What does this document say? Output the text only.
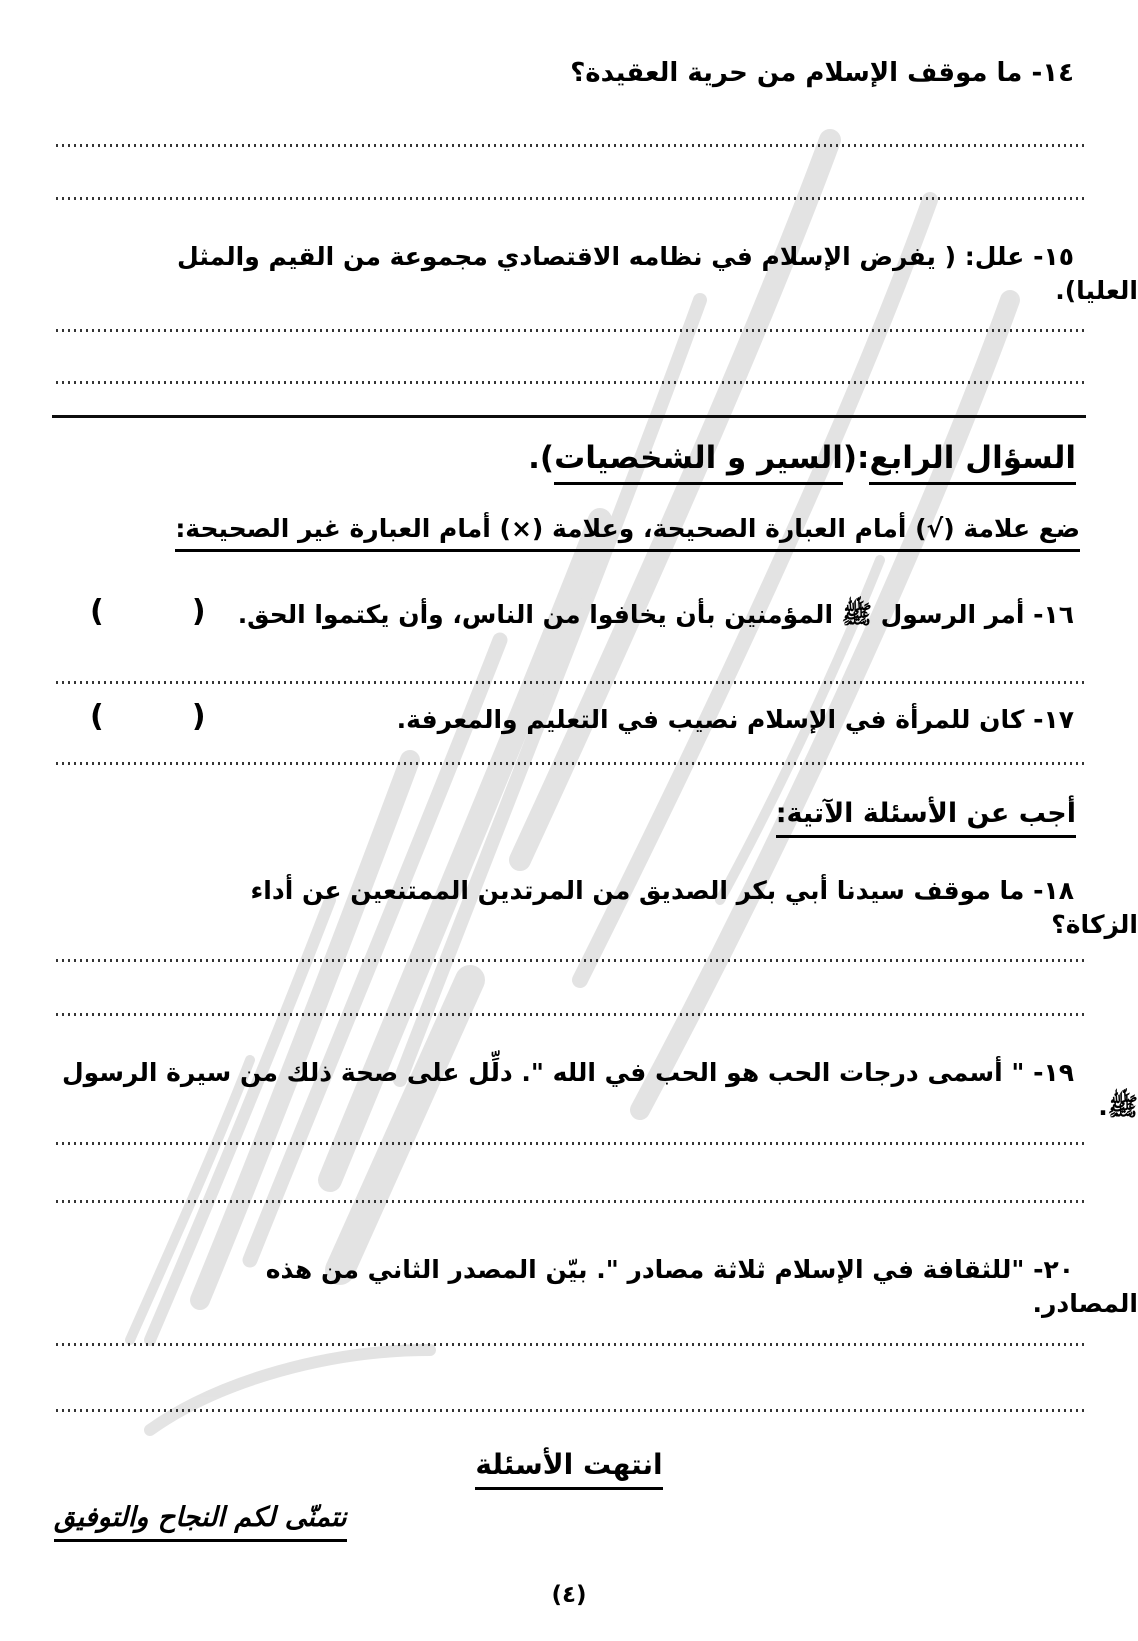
١٤- ما موقف الإسلام من حرية العقيدة؟
١٥- علل: ( يفرض الإسلام في نظامه الاقتصادي مجموعة من القيم والمثل العليا).
السؤال الرابع:(السير و الشخصيات).
ضع علامة (√) أمام العبارة الصحيحة، وعلامة (×) أمام العبارة غير الصحيحة:
١٦- أمر الرسول ﷺ المؤمنين بأن يخافوا من الناس، وأن يكتموا الحق.
(     )
١٧- كان للمرأة في الإسلام نصيب في التعليم والمعرفة.
(     )
أجب عن الأسئلة الآتية:
١٨- ما موقف سيدنا أبي بكر الصديق من المرتدين الممتنعين عن أداء الزكاة؟
١٩- " أسمى درجات الحب هو الحب في الله ". دلِّل على صحة ذلك من سيرة الرسول ﷺ.
٢٠- "للثقافة في الإسلام ثلاثة مصادر ". بيّن المصدر الثاني من هذه المصادر.
انتهت الأسئلة
نتمنّى لكم النجاح والتوفيق
(٤)
